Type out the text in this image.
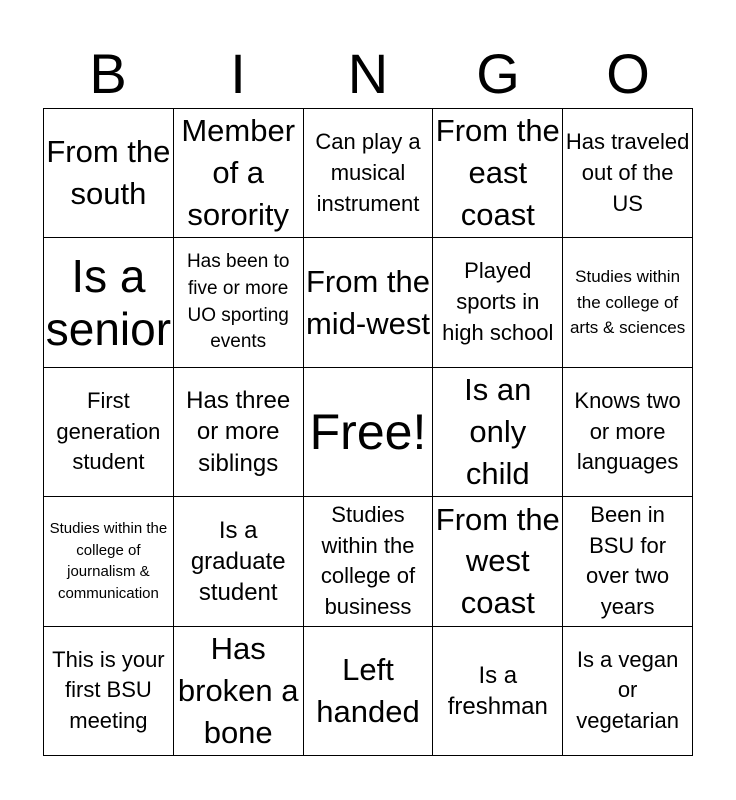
B	I	N	G	O
From the south
Member of a sorority
Can play a musical instrument
From the east coast
Has traveled out of the US
Is a senior
Has been to five or more UO sporting events
From the mid-west
Played sports in high school
Studies within the college of arts & sciences
First generation student
Has three or more siblings
Free!
Is an only child
Knows two or more languages
Studies within the college of journalism & communication
Is a graduate student
Studies within the college of business
From the west coast
Been in BSU for over two years
This is your first BSU meeting
Has broken a bone
Left handed
Is a freshman
Is a vegan or vegetarian
